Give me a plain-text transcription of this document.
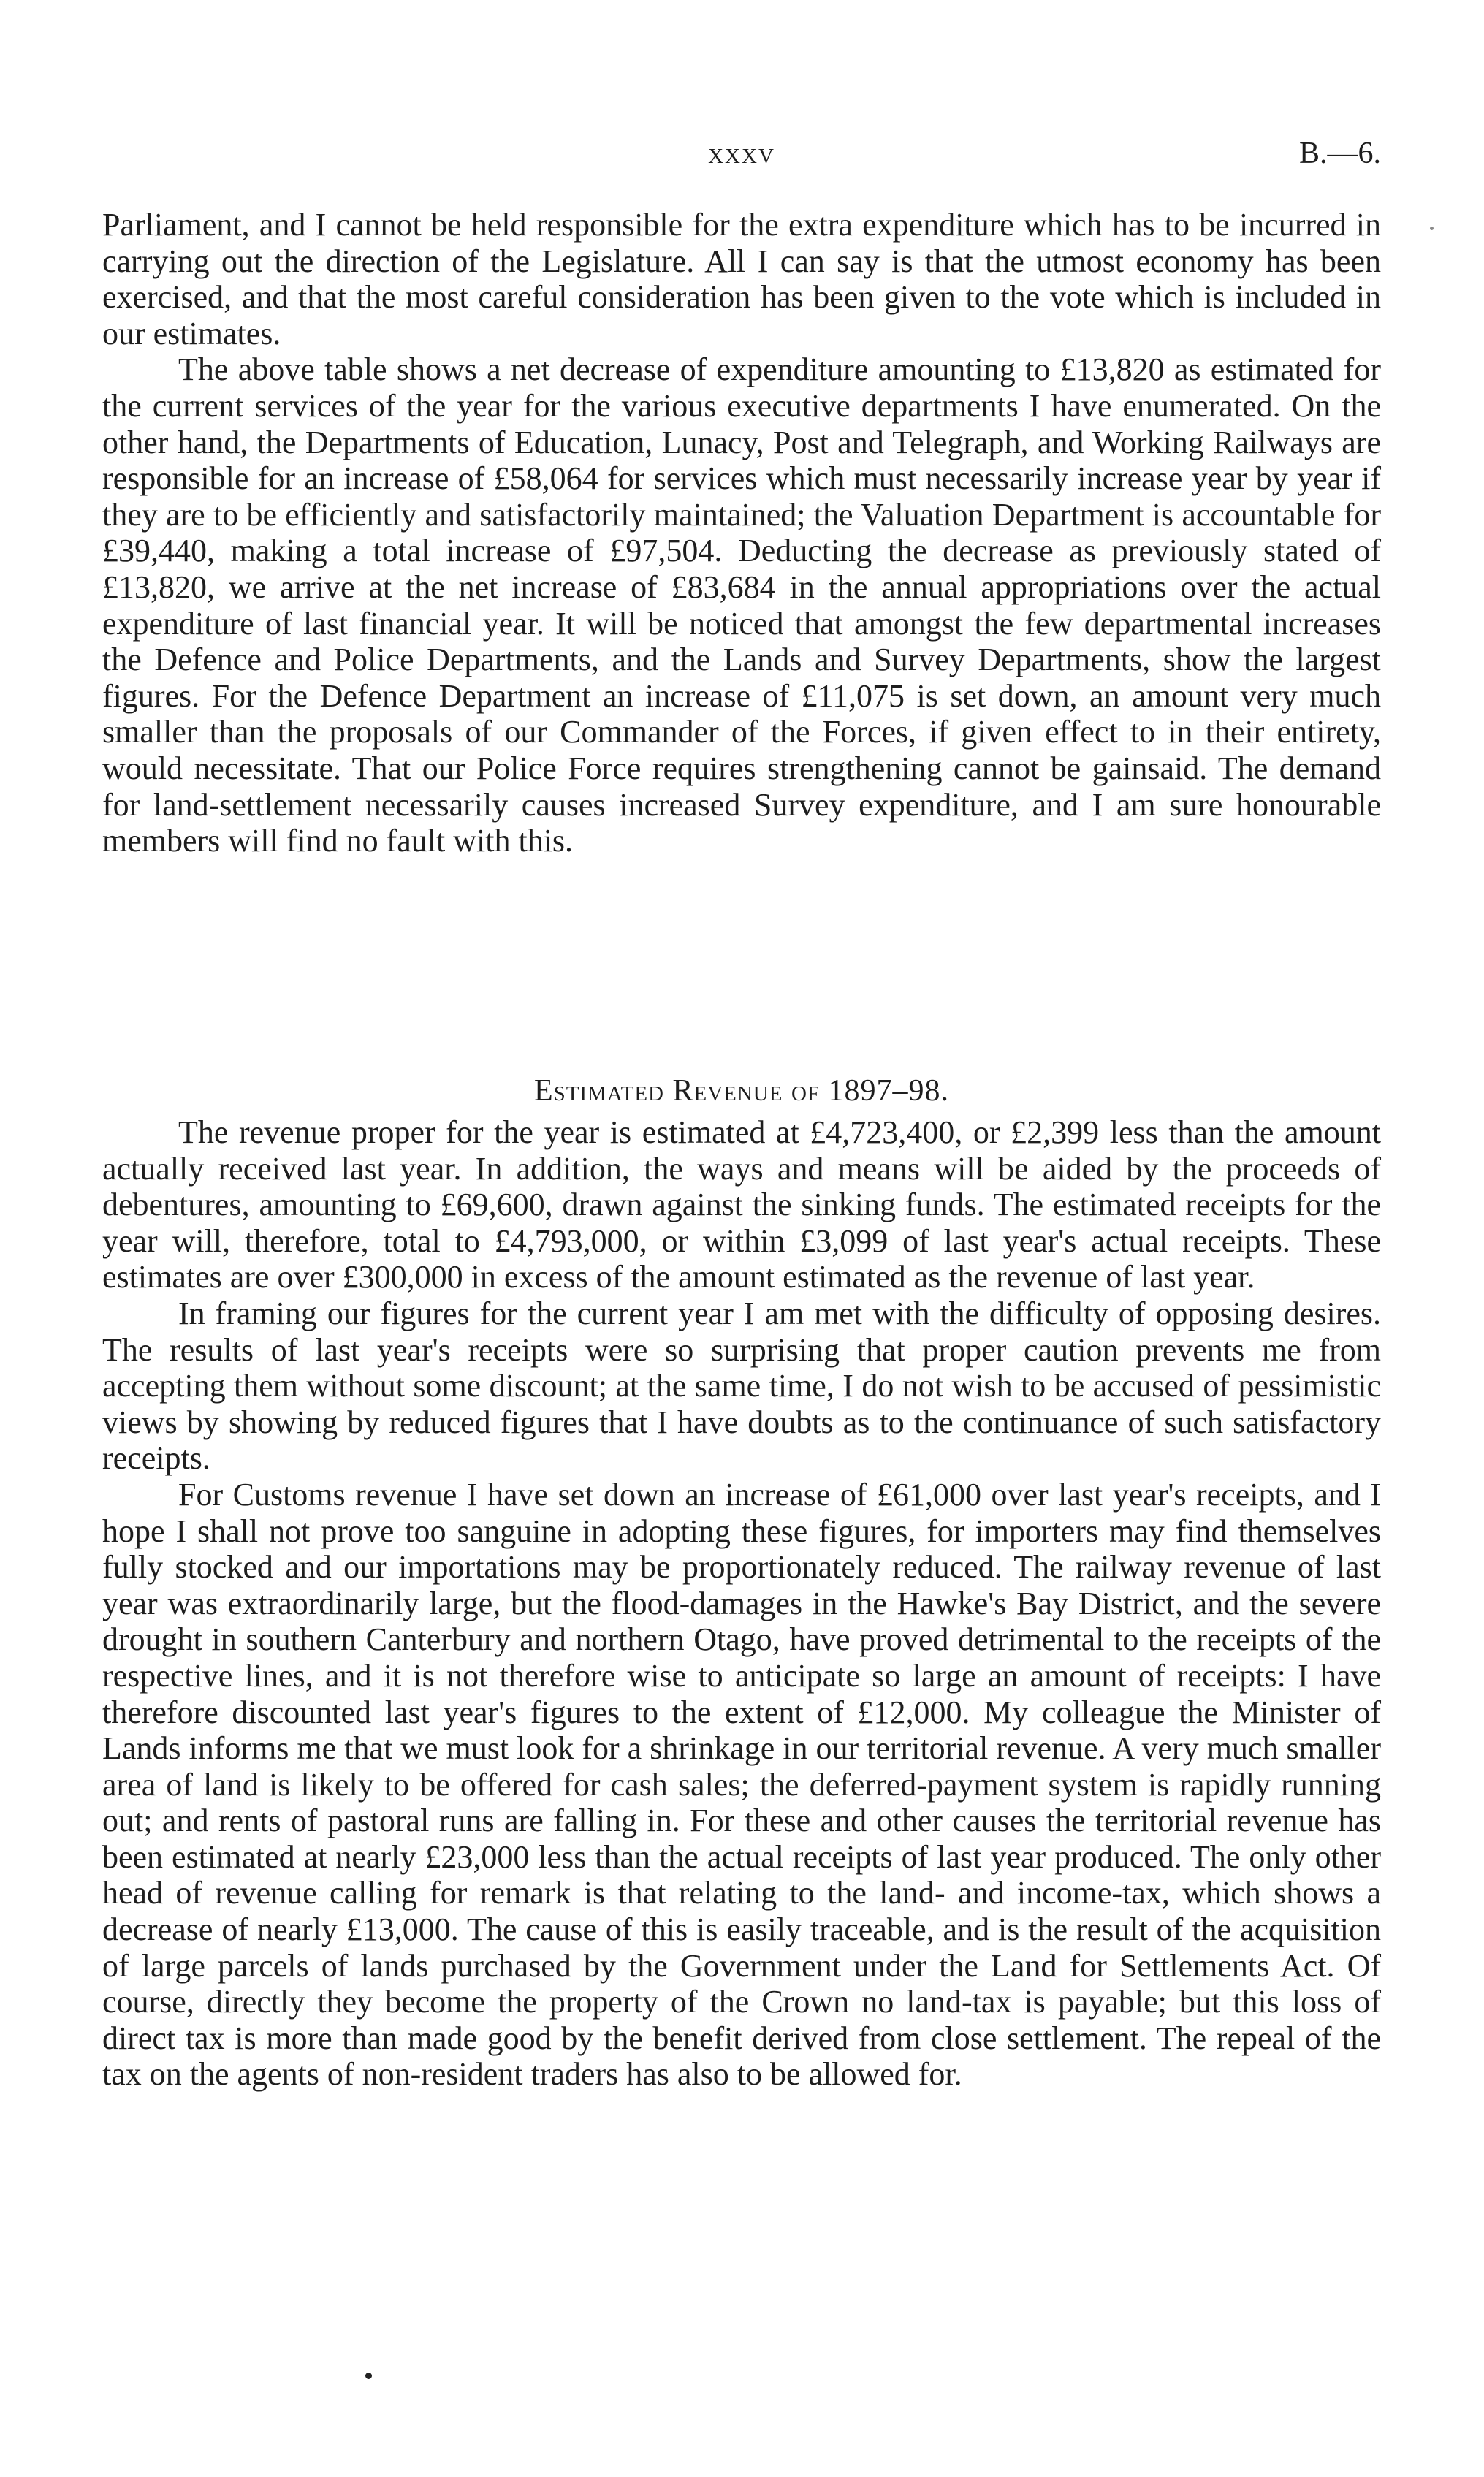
xxxv	B.—6.

Parliament, and I cannot be held responsible for the extra expenditure which has to be incurred in carrying out the direction of the Legislature. All I can say is that the utmost economy has been exercised, and that the most careful consideration has been given to the vote which is included in our estimates.

The above table shows a net decrease of expenditure amounting to £13,820 as estimated for the current services of the year for the various executive departments I have enumerated. On the other hand, the Departments of Education, Lunacy, Post and Telegraph, and Working Railways are responsible for an increase of £58,064 for services which must necessarily increase year by year if they are to be efficiently and satisfactorily maintained; the Valuation Department is accountable for £39,440, making a total increase of £97,504. Deducting the decrease as previously stated of £13,820, we arrive at the net increase of £83,684 in the annual appropriations over the actual expenditure of last financial year. It will be noticed that amongst the few departmental increases the Defence and Police Departments, and the Lands and Survey Departments, show the largest figures. For the Defence Department an increase of £11,075 is set down, an amount very much smaller than the proposals of our Commander of the Forces, if given effect to in their entirety, would necessitate. That our Police Force requires strengthening cannot be gainsaid. The demand for land-settlement necessarily causes increased Survey expenditure, and I am sure honourable members will find no fault with this.

Estimated Revenue of 1897–98.

The revenue proper for the year is estimated at £4,723,400, or £2,399 less than the amount actually received last year. In addition, the ways and means will be aided by the proceeds of debentures, amounting to £69,600, drawn against the sinking funds. The estimated receipts for the year will, therefore, total to £4,793,000, or within £3,099 of last year's actual receipts. These estimates are over £300,000 in excess of the amount estimated as the revenue of last year.

In framing our figures for the current year I am met with the difficulty of opposing desires. The results of last year's receipts were so surprising that proper caution prevents me from accepting them without some discount; at the same time, I do not wish to be accused of pessimistic views by showing by reduced figures that I have doubts as to the continuance of such satisfactory receipts.

For Customs revenue I have set down an increase of £61,000 over last year's receipts, and I hope I shall not prove too sanguine in adopting these figures, for importers may find themselves fully stocked and our importations may be proportionately reduced. The railway revenue of last year was extraordinarily large, but the flood-damages in the Hawke's Bay District, and the severe drought in southern Canterbury and northern Otago, have proved detrimental to the receipts of the respective lines, and it is not therefore wise to anticipate so large an amount of receipts: I have therefore discounted last year's figures to the extent of £12,000. My colleague the Minister of Lands informs me that we must look for a shrinkage in our territorial revenue. A very much smaller area of land is likely to be offered for cash sales; the deferred-payment system is rapidly running out; and rents of pastoral runs are falling in. For these and other causes the territorial revenue has been estimated at nearly £23,000 less than the actual receipts of last year produced. The only other head of revenue calling for remark is that relating to the land- and income-tax, which shows a decrease of nearly £13,000. The cause of this is easily traceable, and is the result of the acquisition of large parcels of lands purchased by the Government under the Land for Settlements Act. Of course, directly they become the property of the Crown no land-tax is payable; but this loss of direct tax is more than made good by the benefit derived from close settlement. The repeal of the tax on the agents of non-resident traders has also to be allowed for.
